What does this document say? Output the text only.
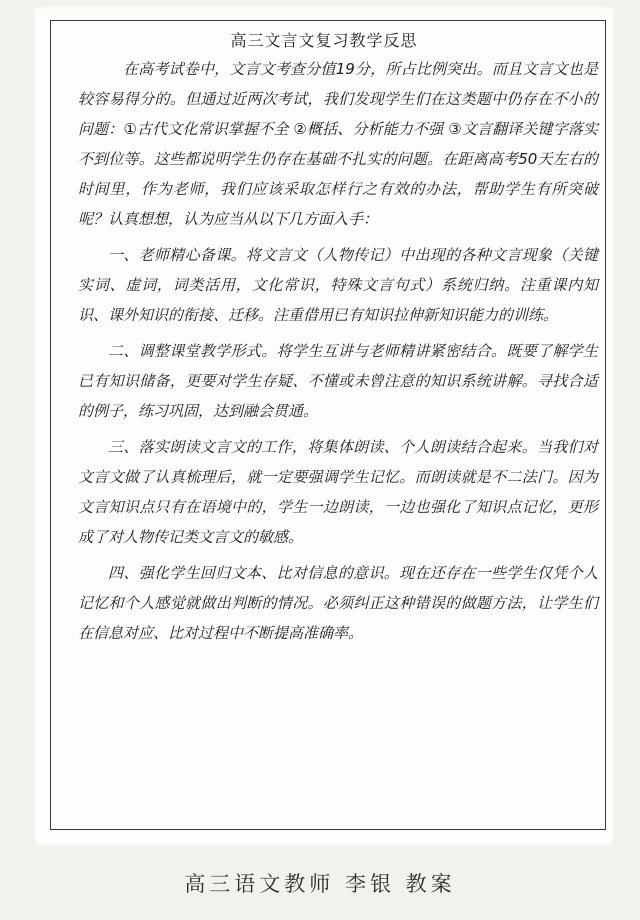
高三文言文复习教学反思

在高考试卷中，文言文考查分值19分，所占比例突出。而且文言文也是较容易得分的。但通过近两次考试，我们发现学生们在这类题中仍存在不小的问题：①古代文化常识掌握不全 ②概括、分析能力不强 ③文言翻译关键字落实不到位等。这些都说明学生仍存在基础不扎实的问题。在距离高考50天左右的时间里，作为老师，我们应该采取怎样行之有效的办法，帮助学生有所突破呢？认真想想，认为应当从以下几方面入手：

一、老师精心备课。将文言文（人物传记）中出现的各种文言现象（关键实词、虚词，词类活用，文化常识，特殊文言句式）系统归纳。注重课内知识、课外知识的衔接、迁移。注重借用已有知识拉伸新知识能力的训练。

二、调整课堂教学形式。将学生互讲与老师精讲紧密结合。既要了解学生已有知识储备，更要对学生存疑、不懂或未曾注意的知识系统讲解。寻找合适的例子，练习巩固，达到融会贯通。

三、落实朗读文言文的工作，将集体朗读、个人朗读结合起来。当我们对文言文做了认真梳理后，就一定要强调学生记忆。而朗读就是不二法门。因为文言知识点只有在语境中的，学生一边朗读，一边也强化了知识点记忆，更形成了对人物传记类文言文的敏感。

四、强化学生回归文本、比对信息的意识。现在还存在一些学生仅凭个人记忆和个人感觉就做出判断的情况。必须纠正这种错误的做题方法，让学生们在信息对应、比对过程中不断提高准确率。

高三语文教师 李银 教案
